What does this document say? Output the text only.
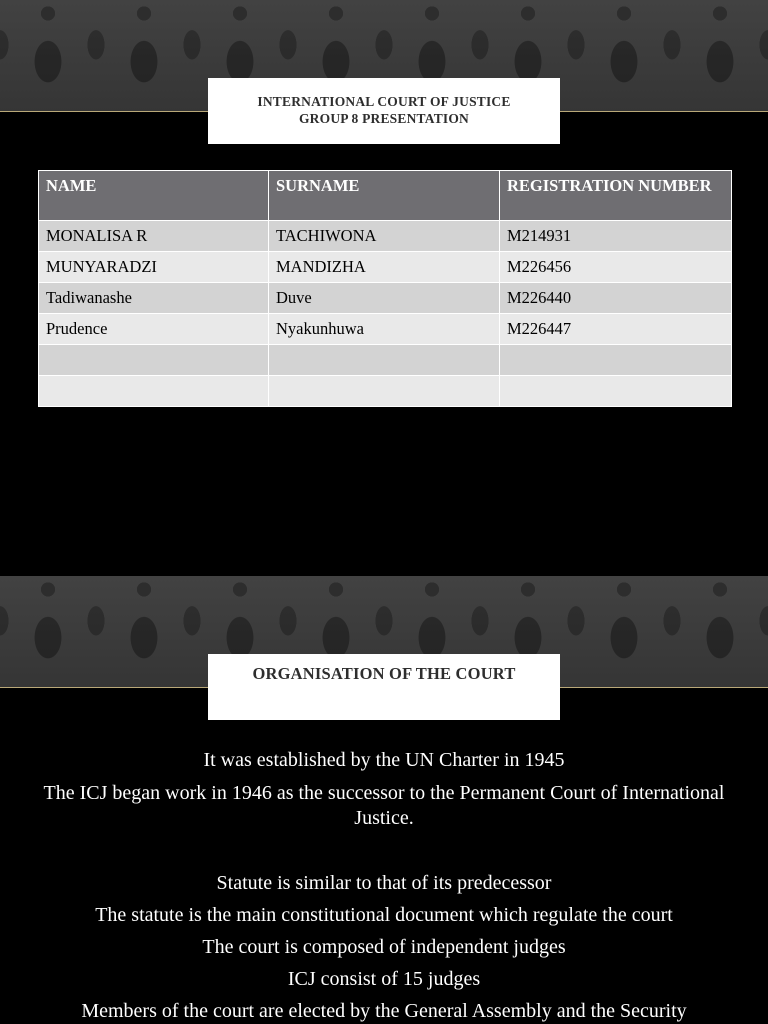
INTERNATIONAL COURT OF JUSTICE
GROUP 8 PRESENTATION
NAME	SURNAME	REGISTRATION NUMBER
MONALISA R	TACHIWONA	M214931
MUNYARADZI	MANDIZHA	M226456
Tadiwanashe	Duve	M226440
Prudence	Nyakunhuwa	M226447

ORGANISATION OF THE COURT

It was established by the UN Charter in 1945

The ICJ began work in 1946 as the successor to the Permanent Court of International Justice.

Statute is similar to that of its predecessor

The statute is the main constitutional document which regulate the court

The court is composed of independent judges

ICJ consist of 15 judges

Members of the court are elected by the General Assembly and the Security
